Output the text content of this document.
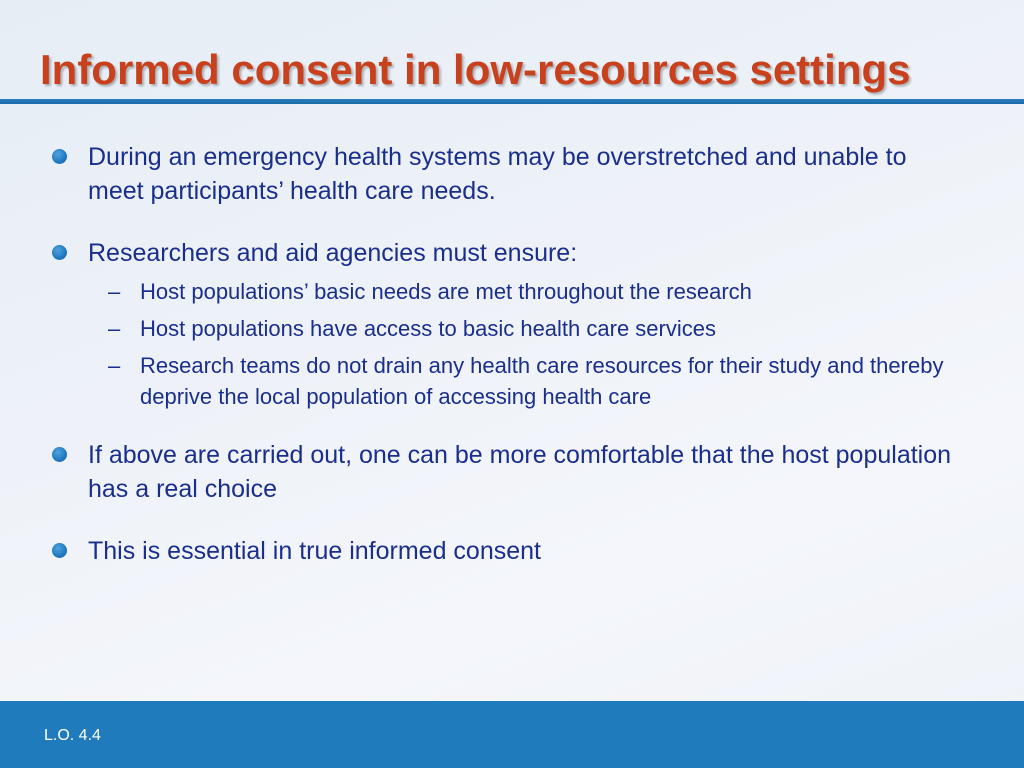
Informed consent in low-resources settings
During an emergency health systems may be overstretched and unable to meet participants’ health care needs.
Researchers and aid agencies must ensure:
– Host populations’ basic needs are met throughout the research
– Host populations have access to basic health care services
– Research teams do not drain any health care resources for their study and thereby deprive the local population of accessing health care
If above are carried out, one can be more comfortable that the host population has a real choice
This is essential in true informed consent
L.O. 4.4
